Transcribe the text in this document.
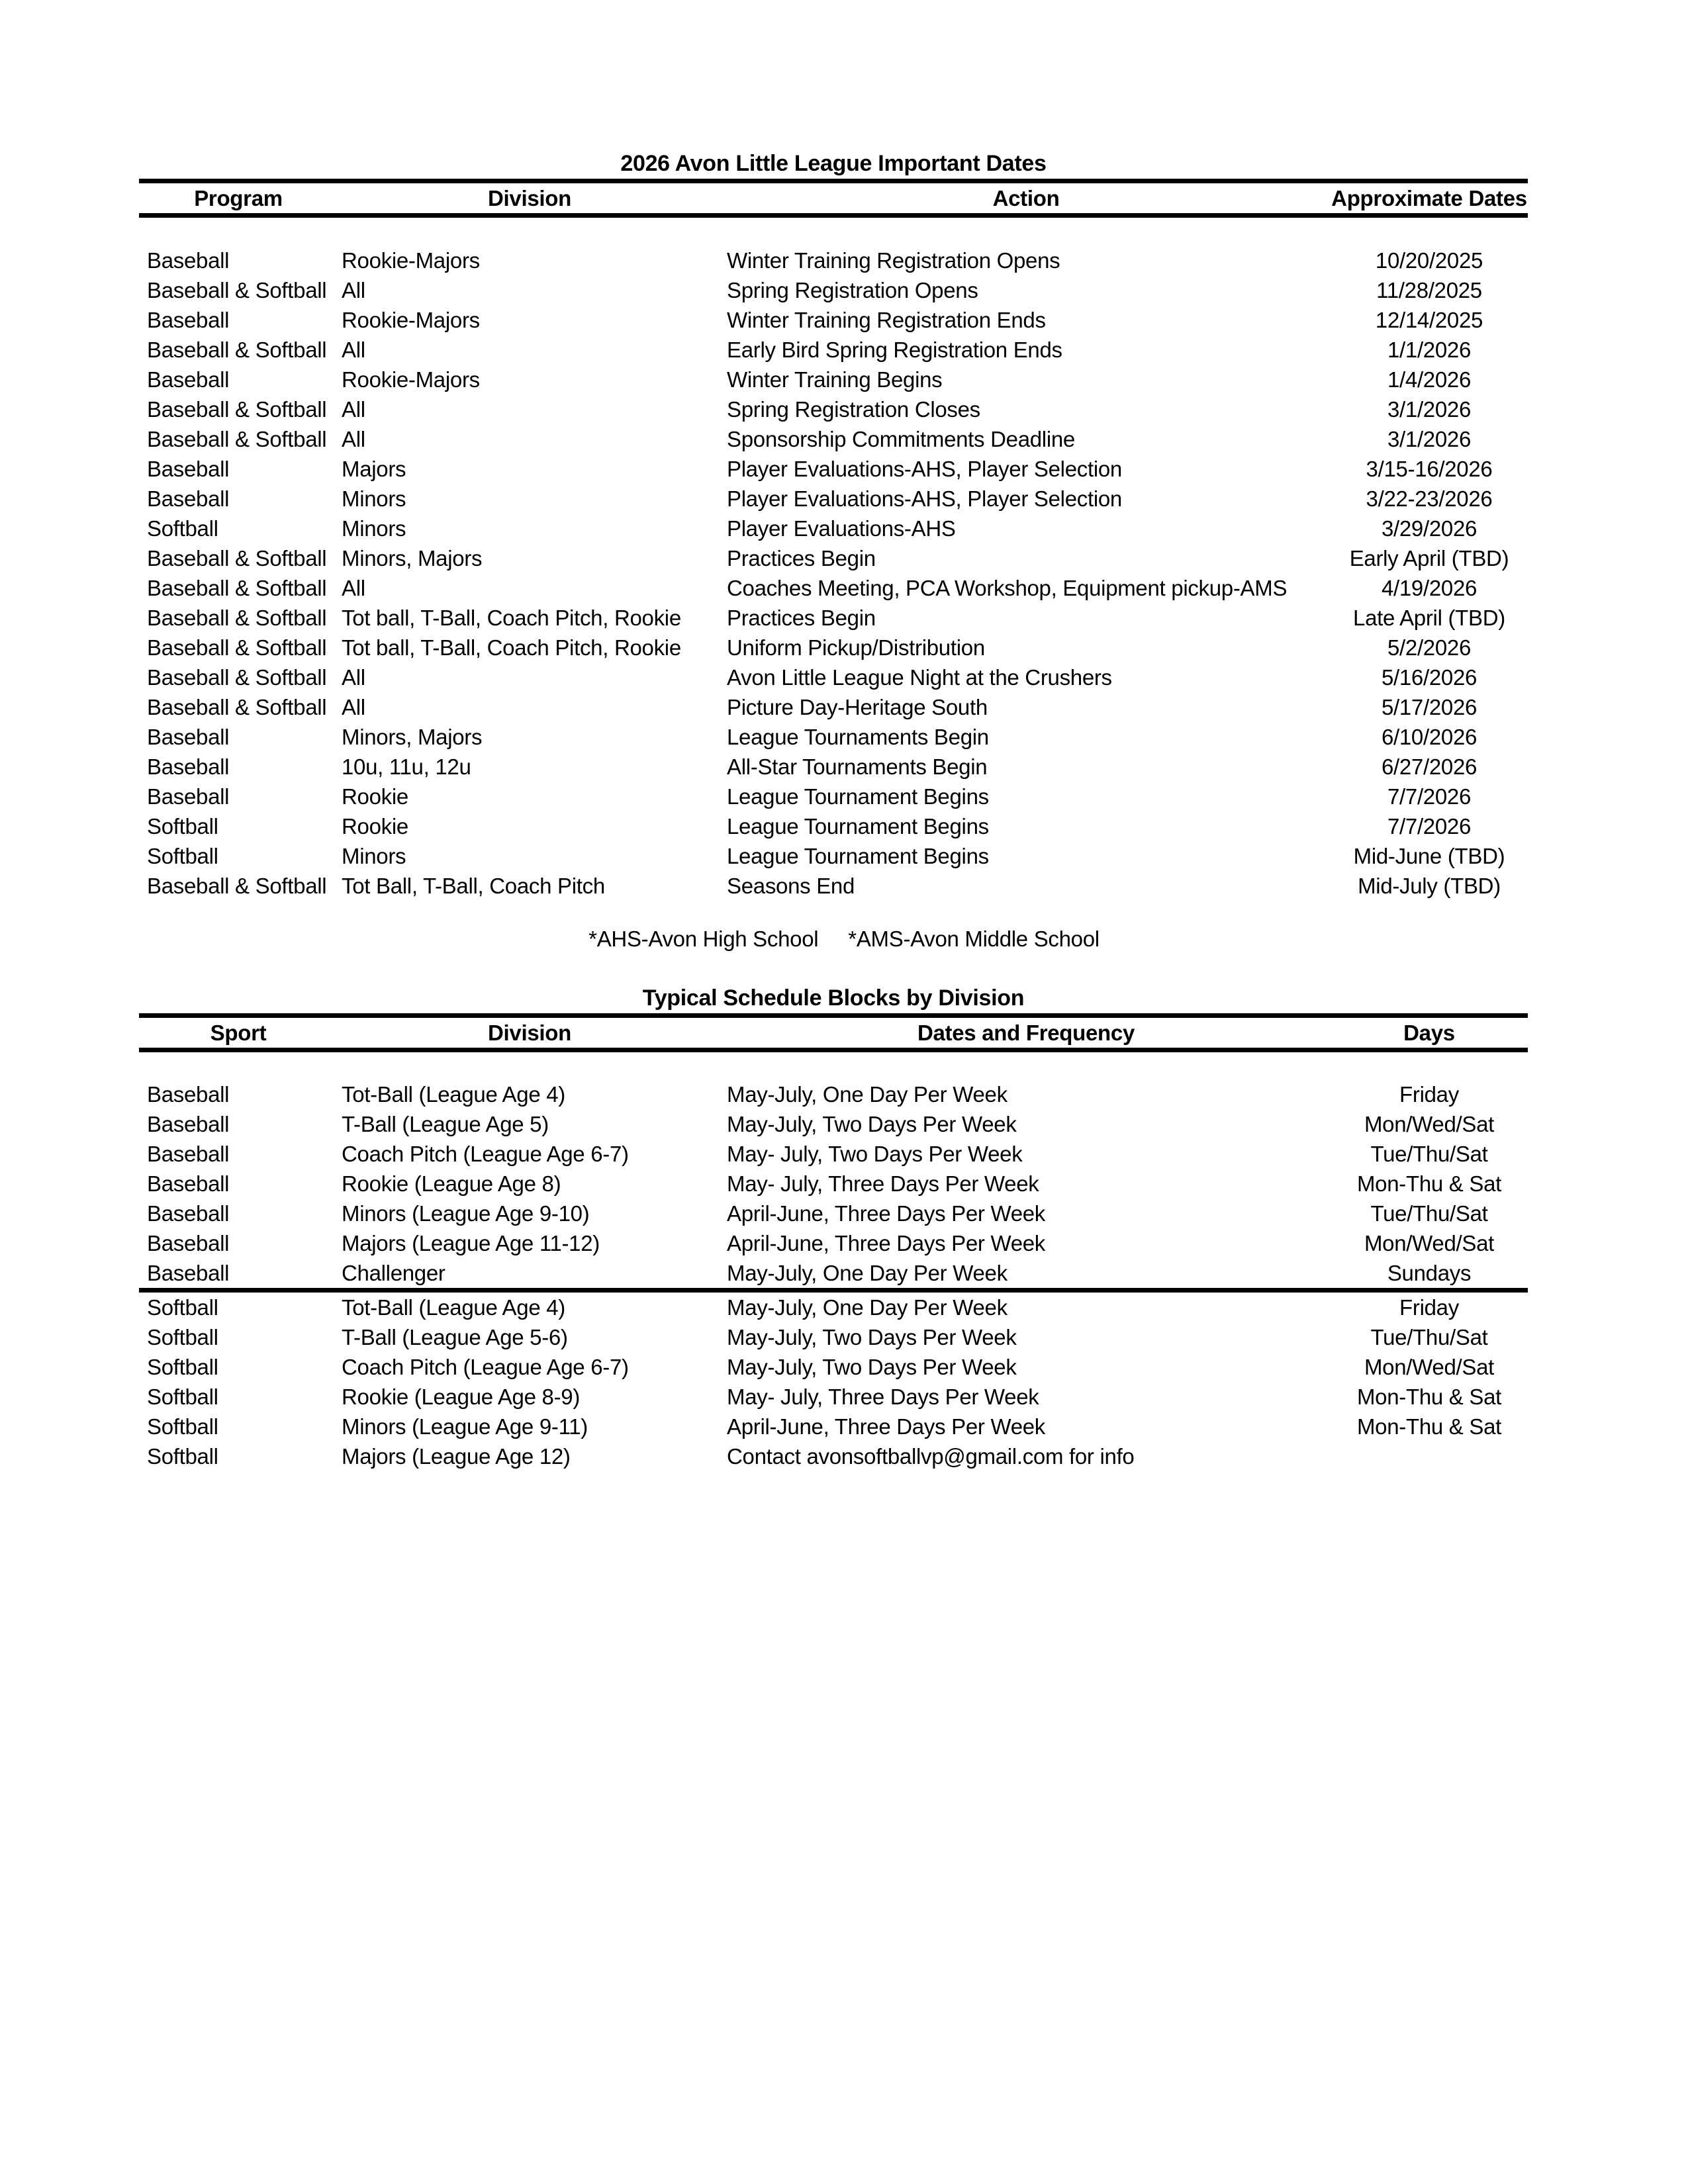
2026 Avon Little League Important Dates
Program	Division	Action	Approximate Dates
Baseball	Rookie-Majors	Winter Training Registration Opens	10/20/2025
Baseball & Softball	All	Spring Registration Opens	11/28/2025
Baseball	Rookie-Majors	Winter Training Registration Ends	12/14/2025
Baseball & Softball	All	Early Bird Spring Registration Ends	1/1/2026
Baseball	Rookie-Majors	Winter Training Begins	1/4/2026
Baseball & Softball	All	Spring Registration Closes	3/1/2026
Baseball & Softball	All	Sponsorship Commitments Deadline	3/1/2026
Baseball	Majors	Player Evaluations-AHS, Player Selection	3/15-16/2026
Baseball	Minors	Player Evaluations-AHS, Player Selection	3/22-23/2026
Softball	Minors	Player Evaluations-AHS	3/29/2026
Baseball & Softball	Minors, Majors	Practices Begin	Early April (TBD)
Baseball & Softball	All	Coaches Meeting, PCA Workshop, Equipment pickup-AMS	4/19/2026
Baseball & Softball	Tot ball, T-Ball, Coach Pitch, Rookie	Practices Begin	Late April (TBD)
Baseball & Softball	Tot ball, T-Ball, Coach Pitch, Rookie	Uniform Pickup/Distribution	5/2/2026
Baseball & Softball	All	Avon Little League Night at the Crushers	5/16/2026
Baseball & Softball	All	Picture Day-Heritage South	5/17/2026
Baseball	Minors, Majors	League Tournaments Begin	6/10/2026
Baseball	10u, 11u, 12u	All-Star Tournaments Begin	6/27/2026
Baseball	Rookie	League Tournament Begins	7/7/2026
Softball	Rookie	League Tournament Begins	7/7/2026
Softball	Minors	League Tournament Begins	Mid-June (TBD)
Baseball & Softball	Tot Ball, T-Ball, Coach Pitch	Seasons End	Mid-July (TBD)
*AHS-Avon High School *AMS-Avon Middle School
Typical Schedule Blocks by Division
Sport	Division	Dates and Frequency	Days
Baseball	Tot-Ball (League Age 4)	May-July, One Day Per Week	Friday
Baseball	T-Ball (League Age 5)	May-July, Two Days Per Week	Mon/Wed/Sat
Baseball	Coach Pitch (League Age 6-7)	May- July, Two Days Per Week	Tue/Thu/Sat
Baseball	Rookie (League Age 8)	May- July, Three Days Per Week	Mon-Thu & Sat
Baseball	Minors (League Age 9-10)	April-June, Three Days Per Week	Tue/Thu/Sat
Baseball	Majors (League Age 11-12)	April-June, Three Days Per Week	Mon/Wed/Sat
Baseball	Challenger	May-July, One Day Per Week	Sundays
Softball	Tot-Ball (League Age 4)	May-July, One Day Per Week	Friday
Softball	T-Ball (League Age 5-6)	May-July, Two Days Per Week	Tue/Thu/Sat
Softball	Coach Pitch (League Age 6-7)	May-July, Two Days Per Week	Mon/Wed/Sat
Softball	Rookie (League Age 8-9)	May- July, Three Days Per Week	Mon-Thu & Sat
Softball	Minors (League Age 9-11)	April-June, Three Days Per Week	Mon-Thu & Sat
Softball	Majors (League Age 12)	Contact avonsoftballvp@gmail.com for info	
